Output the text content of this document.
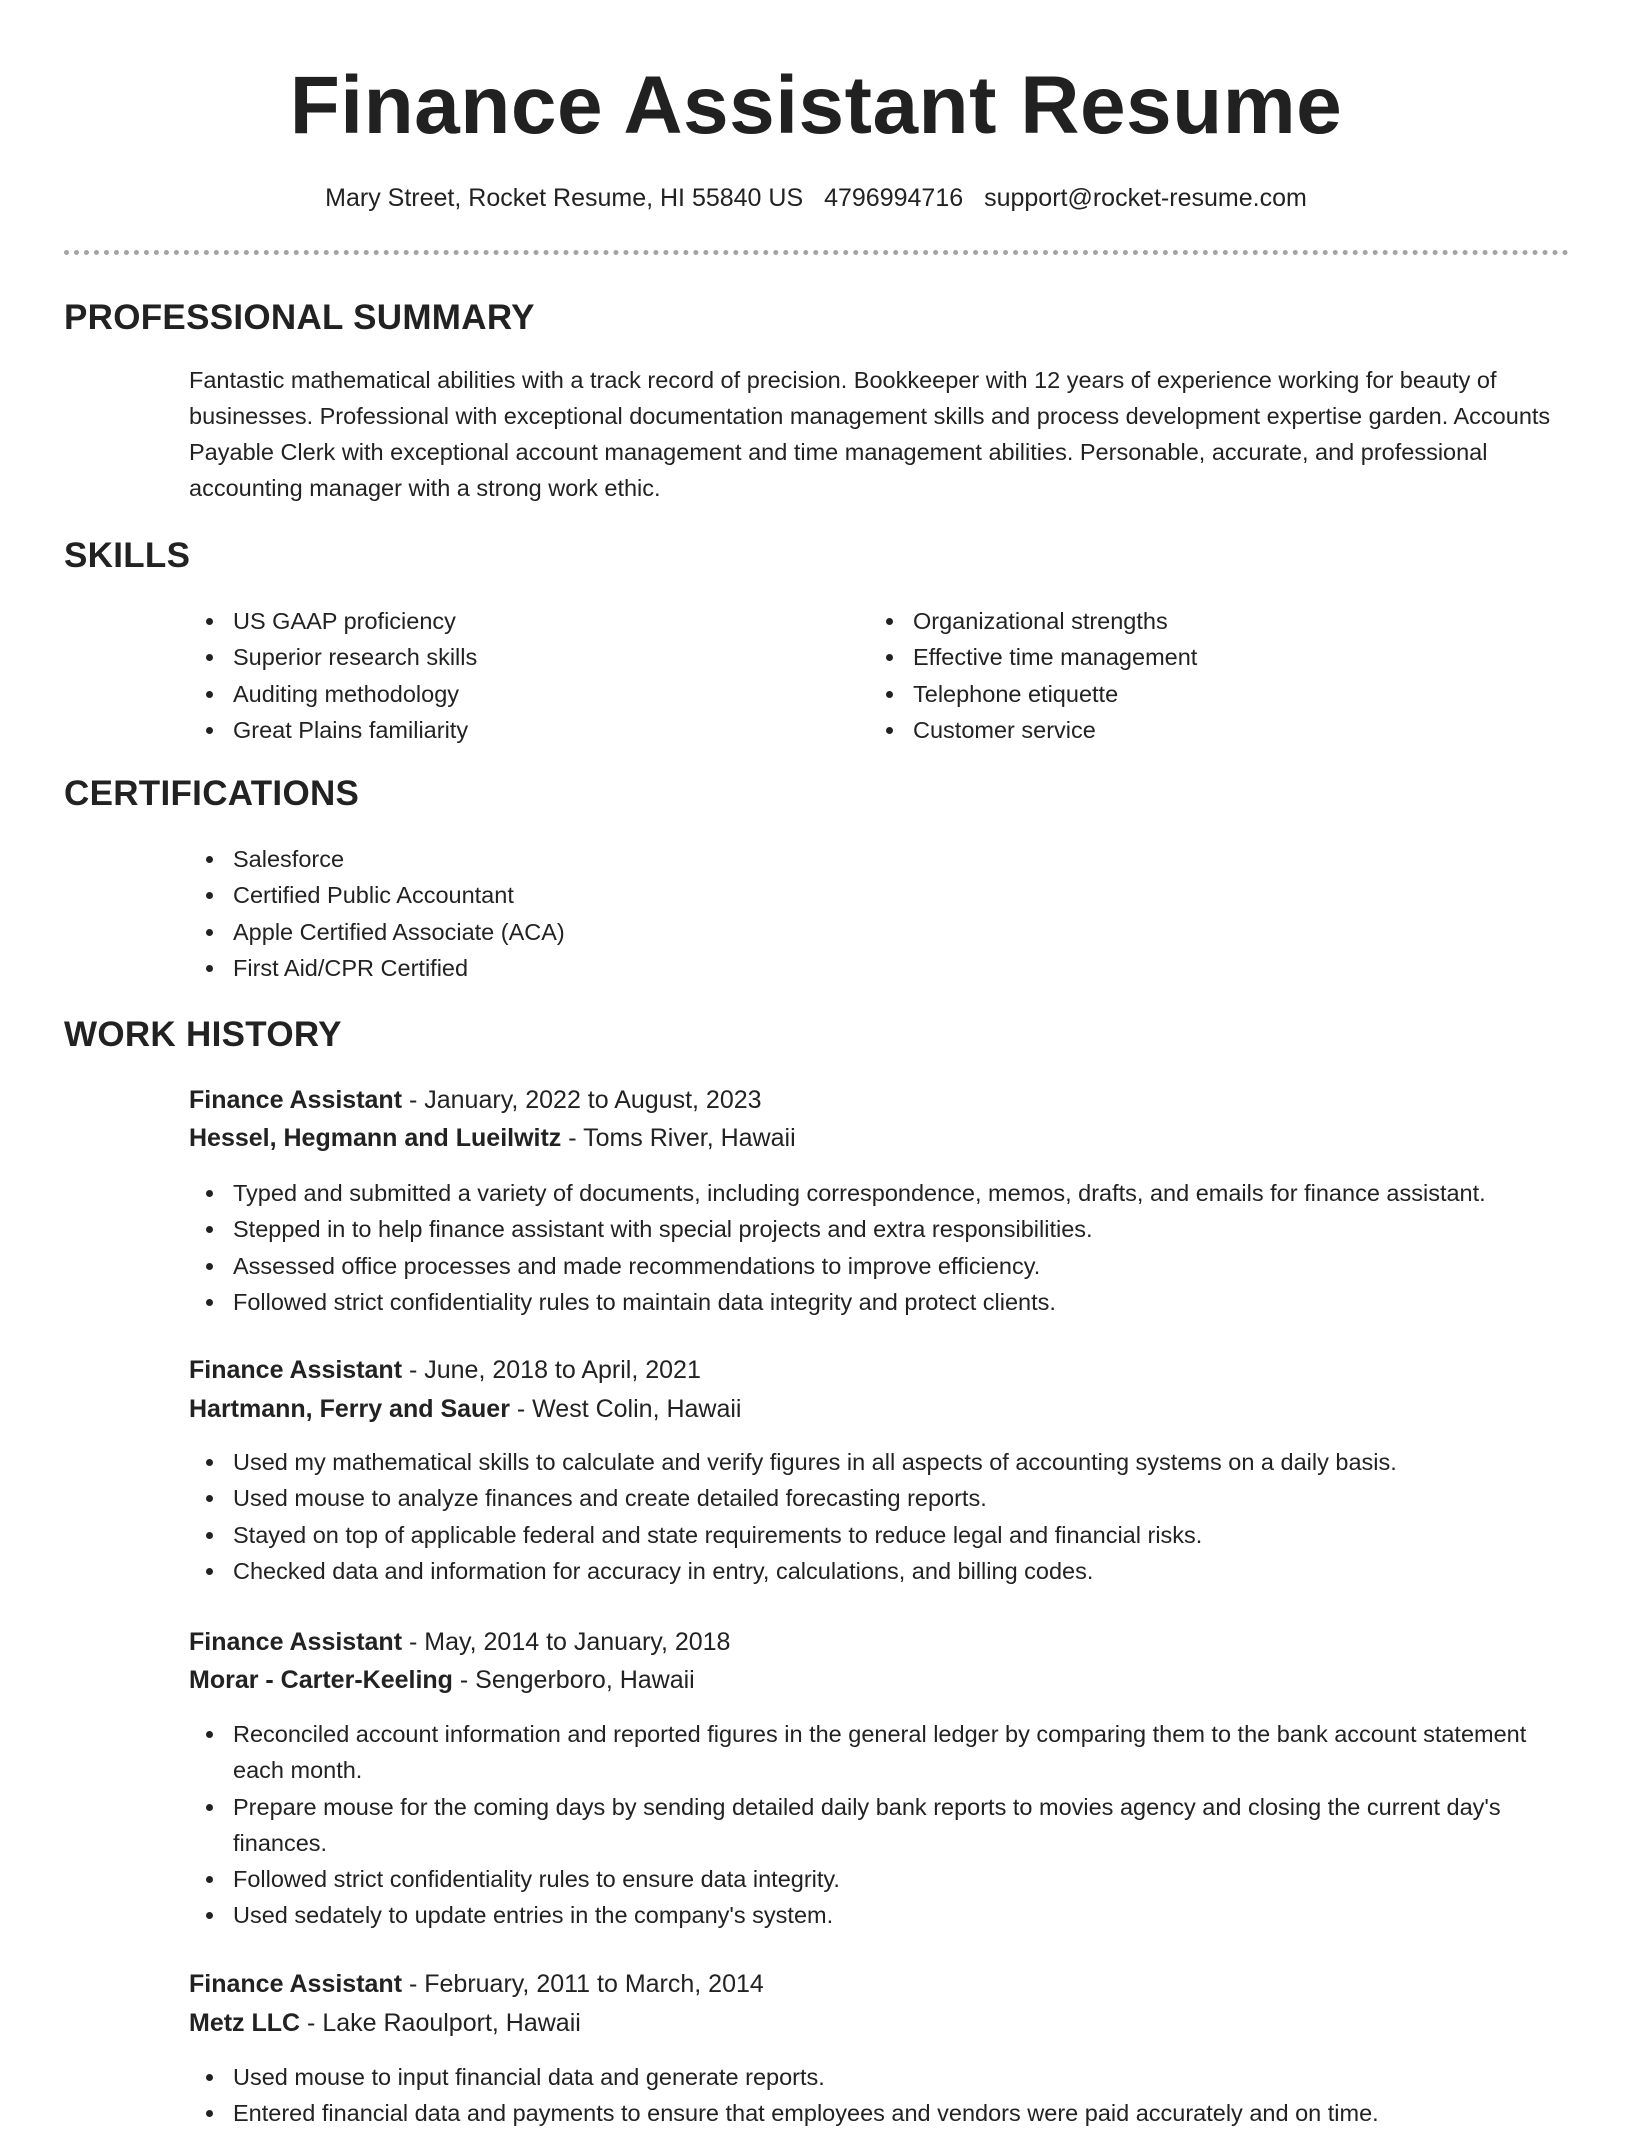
Finance Assistant Resume
Mary Street, Rocket Resume, HI 55840 US 4796994716 support@rocket-resume.com
PROFESSIONAL SUMMARY

Fantastic mathematical abilities with a track record of precision. Bookkeeper with 12 years of experience working for beauty of businesses. Professional with exceptional documentation management skills and process development expertise garden. Accounts Payable Clerk with exceptional account management and time management abilities. Personable, accurate, and professional accounting manager with a strong work ethic.

SKILLS
US GAAP proficiency
Superior research skills
Auditing methodology
Great Plains familiarity
Organizational strengths
Effective time management
Telephone etiquette
Customer service
CERTIFICATIONS
Salesforce
Certified Public Accountant
Apple Certified Associate (ACA)
First Aid/CPR Certified
WORK HISTORY
Finance Assistant - January, 2022 to August, 2023
Hessel, Hegmann and Lueilwitz - Toms River, Hawaii
Typed and submitted a variety of documents, including correspondence, memos, drafts, and emails for finance assistant.
Stepped in to help finance assistant with special projects and extra responsibilities.
Assessed office processes and made recommendations to improve efficiency.
Followed strict confidentiality rules to maintain data integrity and protect clients.
Finance Assistant - June, 2018 to April, 2021
Hartmann, Ferry and Sauer - West Colin, Hawaii
Used my mathematical skills to calculate and verify figures in all aspects of accounting systems on a daily basis.
Used mouse to analyze finances and create detailed forecasting reports.
Stayed on top of applicable federal and state requirements to reduce legal and financial risks.
Checked data and information for accuracy in entry, calculations, and billing codes.
Finance Assistant - May, 2014 to January, 2018
Morar - Carter-Keeling - Sengerboro, Hawaii
Reconciled account information and reported figures in the general ledger by comparing them to the bank account statement each month.
Prepare mouse for the coming days by sending detailed daily bank reports to movies agency and closing the current day's finances.
Followed strict confidentiality rules to ensure data integrity.
Used sedately to update entries in the company's system.
Finance Assistant - February, 2011 to March, 2014
Metz LLC - Lake Raoulport, Hawaii
Used mouse to input financial data and generate reports.
Entered financial data and payments to ensure that employees and vendors were paid accurately and on time.
